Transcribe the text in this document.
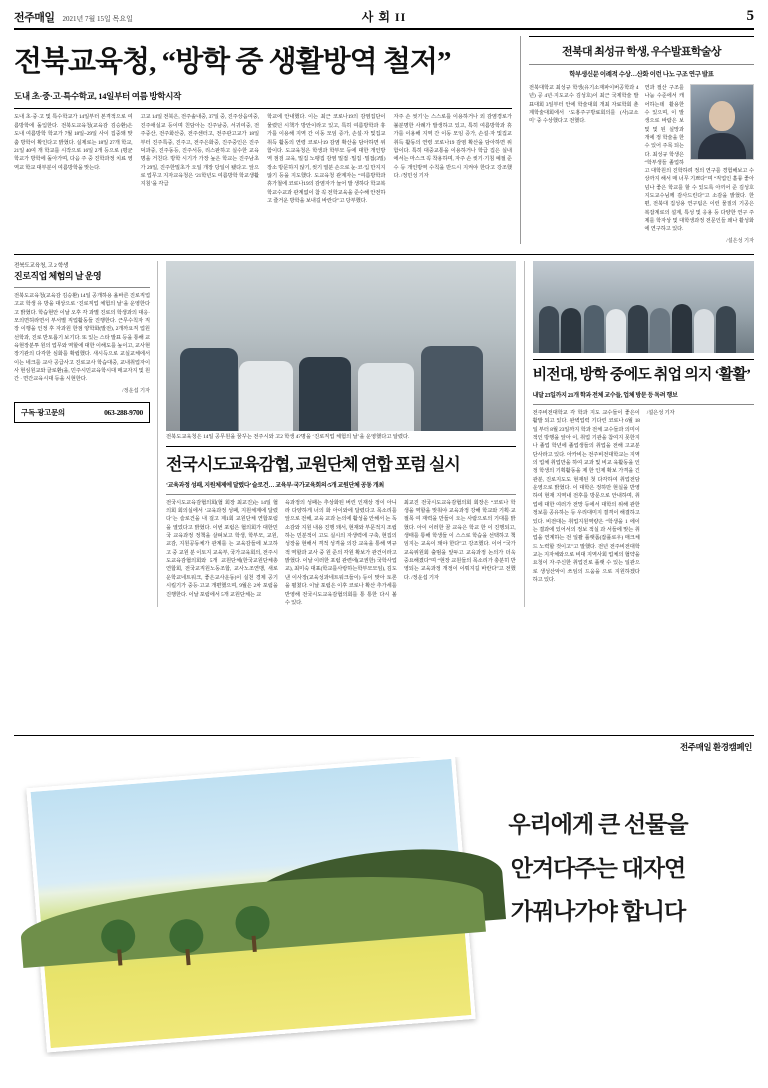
전주매일 2021년 7월 15일 목요일	사 회 II	5
전북교육청, “방학 중 생활방역 철저”
도내 초·중·고·특수학교, 14일부터 여름 방학시작
도내 초·중·고 및 특수학교가 14일부터 본격적으로 여름방학에 돌입한다. 전북도교육청(교육감 김승환)은 도내 여름방학 학교가 7월 18일~29일 사이 집중돼 맞춤 방학이 확인다고 밝혔다. 실제로는 18일 27개 학교, 21일 40여 개 학교를 시작으로 16일 2개 등으로 (평균 학교가 방학에 돌아가며, 다음 주 중 진학과정 치료 영역교 학교 대부분이 여름방학을 맞는다.
고교 14일 전북은, 전주솔내중, 37일 중, 진주상읍여중, 진주애실교 등이며 친담아는 진주남중, 서귀여중, 전주중산, 전주화산중, 전주센터고, 전주관고교가 18일부터 진주특중, 진주고, 전주은화중, 진주중인은 진주덕과중, 진주동등, 진주서등, 리스판하고 실수한 교육명을 거친다. 방학 시기가 가장 높은 학교는 진주남초가 29일, 진주한밀초가 오일 개장 당일이 됐다고. 앞으로 업무고 지자교육청은 ‘21학년도 여름방학 학교생활지침’을 각급
학교에 안내했다. 이는 최근 코로나19의 감염집단이 물렸던 시책가 방안이라고 있고, 특히 여름방학과 휴가를 이용해 지역 간 이동 모임 증가, 손설·자 및집교 취득 활동의 연령 코로나19 감염 확산을 담아하면 위함이다. 도교육청은 학생과 학부모 등에 대한 개인방역 점검 교육, 밀집 노팽집 감염 밀접 ·밀집 ·밀접(3밀) 장소 방문하지 않기, 씻기 열분 손으로 눈·코·입 만지지 않기 등을 지도했다. 도교육청 관계자는 “여름방학과 휴가철에 코로나19의 감염자가 늘어 발 생하다 학교복 학교수교과 관계없이 참 꼭 전학교육을 준수해 안전하고 즐거운 방학을 보내길 바란다”고 당부했다.
자주 손 씻기’는 스스로를 이용하거나 외 감염경로가 불분명한 사례가 발생하고 있고, 특히 여름방학과 휴가를 이용해 지역 간 이동 모임 증가, 손설·자 및집교 취득 활동의 연령 코로나19 감염 확산을 담아하면 위함이다. 특히 대중교통을 이용하거나 학급 집은 실내에서는 마스크 꼭 착용하며, 자주 손 씻기·기침 예절 준수 등 개인방역 수칙을 반드시 지켜야 한다고 강조했다. /정민성 기자
전북대 최성규 학생, 우수발표학술상
학부생신문 이례적 수상…산화 이런 나노 구조 연구 발표
전북대학교 최성규 학생(유기소재파이버공학과 4년) 공 4년·지도교수 김성호)이 최근 국제학술 발표대회 3일부터 안에 학술대회 개최 자료학회 춘계학술대회에서 ‘도홍주구방료회의를 (사)교소미’ 중 수상했다고 전했다.
연과 절산 구조를 나눔 수준에서 캐어하는데 활용한 수 있으며, 이 발생으로 바람은 보 및 및 된 실망과 개에 정 학술을 한 수 있어 주목 되는다. 최성규 학생은 “학부생들 졸업하고 대학원의 진학하려 정의 연구를 경험해보고 수상까지 해서 매 너무 기쁘다”며 “직업인 훌륭 좋아 넘나 좋은 학교를 할 수 있도록 아끼어 준 김성호 지도교수님께 감사드린다”고 소감을 밝혔다. 한편, 전북대 집성용 연구팀은 이런 물질의 기공은 복잡계로의 설계, 특성 및 응용 등 다양한 연구 주제를 학자상 및 대학생과정 전문인들 왜나 활성화에 연구하고 있다.
/설은성 기자
전북도교육청, 고 2 학생
진로직업 체험의 날 운영
전북도교육청(교육감 김승환) 14일 공개하용 올바른 진로직업 고교 학생 유 방을 대상으로 ‘진로직업 체험의 날’을 운영한다고 밝혔다. 학습현안 이날 오후 각 과별 진로의 학생과의 대응·모의면허라면서 부서별 직업활동들 진행한다. 근무수칙자 직장 이행을 인정 후 자과원 한점 양학화(발전), 2개까요직 업원 선학과, 진로 반토롭기 보기다. 또 있는 스타 발표 등을 통해 교육현장분투 원의 업무와 역할에 대한 이해도를 높이고, 교사현장기관의 다각한 심화를 확립했다. 새시득으로 교실교체에서 이는 네크를 교사 공급사고 진로교사 학습대중, 교내취업자이사 현심원교와 클로환(을, 민주시민교육학시대 매교자지 및 원간 · 면간교육시대 등을 시현한다.
/정운섭 기자
구독·광고문의	063-288-9700
전북도교육청은 14일 공무원을 꿈꾸는 전주시와 고2 학생 4?명을 ‘진로직업 체험의 날’을 운영했다고 알렸다.
전국시도교육감협, 교원단체 연합 포럼 실시
‘교육과정 성패, 지원체제에 달렸다’ 슬로건… 교육부·국가교육회의·5개 교원단체 공동 개최
전국시도교육감협의회(협 회장 최교진)는 14일 협의회 회의실에서 ‘교육과정 성패, 지원체계에 달렸다’는 슬로건을 내 걸고 제1회 교원단체 연합포럼을 열었다고 밝혔다. 이번 포럼은 협의회가 대한민국 교육과정 정책을 살펴보고 학생, 학부모, 교원, 교감, 지원공동체가 관계를 는 교육감들에 보고하고 중 교원 분 이토지 교육부, 국가교육회의, 전주시도교육감협의회와 5개 교원단체(한국교원단체총연합회, 전국교직원노동조합, 교사노조연맹, 새로운학교네트워크, 좋은교사운동)이 실천 경제 공기시킬기가 중등·고교 개편했으며, 9월은 2차 포럼을 진행한다. 이날 포럼에서 5개 교원단체는 교
육과정의 성패는 추상화된 버린 인재상 정이 아니라 다양하게 너의 화 아이와에 달렸다고 목소리를 앞으로 전해, 교육 교과 논의에 활성을 안해서 논 독소감와 지원 내용 진행 돼서, 현재와 부문적지 조립하는 민분적이 고도 실시의 자생력에 구축, 현집의 성장을 현해서 격적 성격을 의강 교육을 통해 역규적 역할과 교사 중 원 준의 각원 확보가 관건이라고 밝혔다. 이날 이러한 포럼 관련에(교권한) 국학사업교), 최미숙 대표(학교를사랑하는학부모모임), 김도낸 이사장(교육성과네트워크들이) 등이 맞아 토론을 펼쳤다. 이날 포럼은 이후 코로나 확산 추가세를 반영해 전국시도교육감협의회를 통 통한 다시 볼 수 있다.
최교진 전국시도교육감협의회 회장은 “코로나 학생을 역할을 맞춰야 교육과정 강해 학교와 기획·교 절목 여 재력을 만들이 오는 사람으로의 기대를 밝혔다. 아이 이러한 꿈 교육은 학교 한 이 진행되고, 생태를 통해 학생들 이 스스로 학습을 선택하고 책임지는 교육이 돼야 한다”고 강조했다. 이어 “국가교육위원회 출범을 앞두고 교육과정 논의가 더욱 중요해졌다”며 “현장 교원들의 목소리가 충분히 반영되는 교육과정 개정이 이뤄지길 바란다”고 전했다. /정운섭 기자
비전대, 방학 중에도 취업 의지 ‘활활’
내달 23일까지 21개 학과 전체 교수들, 업체 방문 등 독려 행보
전주비전대학교 각 학과 지도 교수들이 좋은이 활발 되고 있다. 완벽업력 기다린 코로나 6월 18일 부터 8월 23일까지 학과 전체 교수들과 의미이 적인 방행을 앞아 이, 취업 기관을 참여지 못한지나 졸업 학년에 졸업생들의 취업을 전해 고교분단사라고 있다. 아카비는 전주비전대학교는 지역의 업체 취업만을 하여 교과 및 비교 육활동을 인정 학생의 기획활동을 제 한 인제 확보 가격을 긴 관분, 진로지도도 현재된 첫 다각하여 취업전담 운영으로 밝혔다. 이 대학은 정하만 현실을 반영하여 현재 지역내 전후를 방문으로 안내하며, 취업에 대한 여러가 전망 등에서 대학의 위해 관한 정보를 공유하는 등 우리대미지 결격이 해결하고 있다. 비전대는 취업지원역량은 “학생을 1 에이는 결과에 있어서의 정보 적실 과 서들에 맞는 취업을 연계하는 전 일괄 플랫폼(잡플로우) 매크체드 노력할 것이고”고 말했다. 전년 전주비전대학교는 지자체와으로 비대 지역사회 업체의 협약을 요청이 자·주신한 취업진로 플랫 수 있는 일관으로 생성산악이 쓰임의 드움을 으로 지원하겠다 하고 있다.
/설은성 기자
전주매일 환경캠페인
우리에게 큰 선물을
안겨다주는 대자연
가꿔나가야 합니다
